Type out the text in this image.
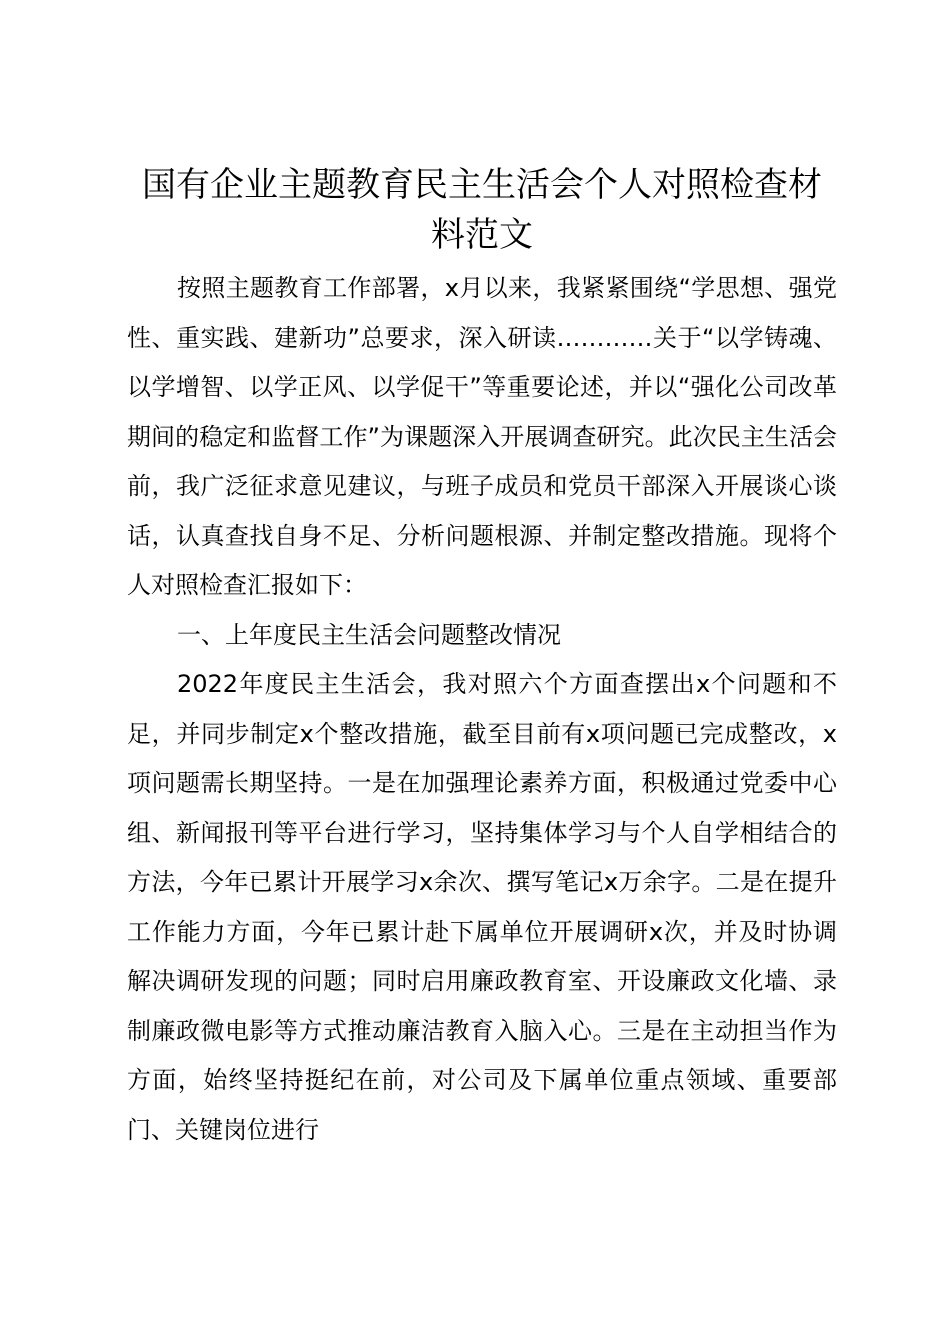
国有企业主题教育民主生活会个人对照检查材料范文

按照主题教育工作部署，x月以来，我紧紧围绕“学思想、强党性、重实践、建新功”总要求，深入研读…………关于“以学铸魂、以学增智、以学正风、以学促干”等重要论述，并以“强化公司改革期间的稳定和监督工作”为课题深入开展调查研究。此次民主生活会前，我广泛征求意见建议，与班子成员和党员干部深入开展谈心谈话，认真查找自身不足、分析问题根源、并制定整改措施。现将个人对照检查汇报如下：

一、上年度民主生活会问题整改情况

2022年度民主生活会，我对照六个方面查摆出x个问题和不足，并同步制定x个整改措施，截至目前有x项问题已完成整改，x项问题需长期坚持。一是在加强理论素养方面，积极通过党委中心组、新闻报刊等平台进行学习，坚持集体学习与个人自学相结合的方法，今年已累计开展学习x余次、撰写笔记x万余字。二是在提升工作能力方面，今年已累计赴下属单位开展调研x次，并及时协调解决调研发现的问题；同时启用廉政教育室、开设廉政文化墙、录制廉政微电影等方式推动廉洁教育入脑入心。三是在主动担当作为方面，始终坚持挺纪在前，对公司及下属单位重点领域、重要部门、关键岗位进行
